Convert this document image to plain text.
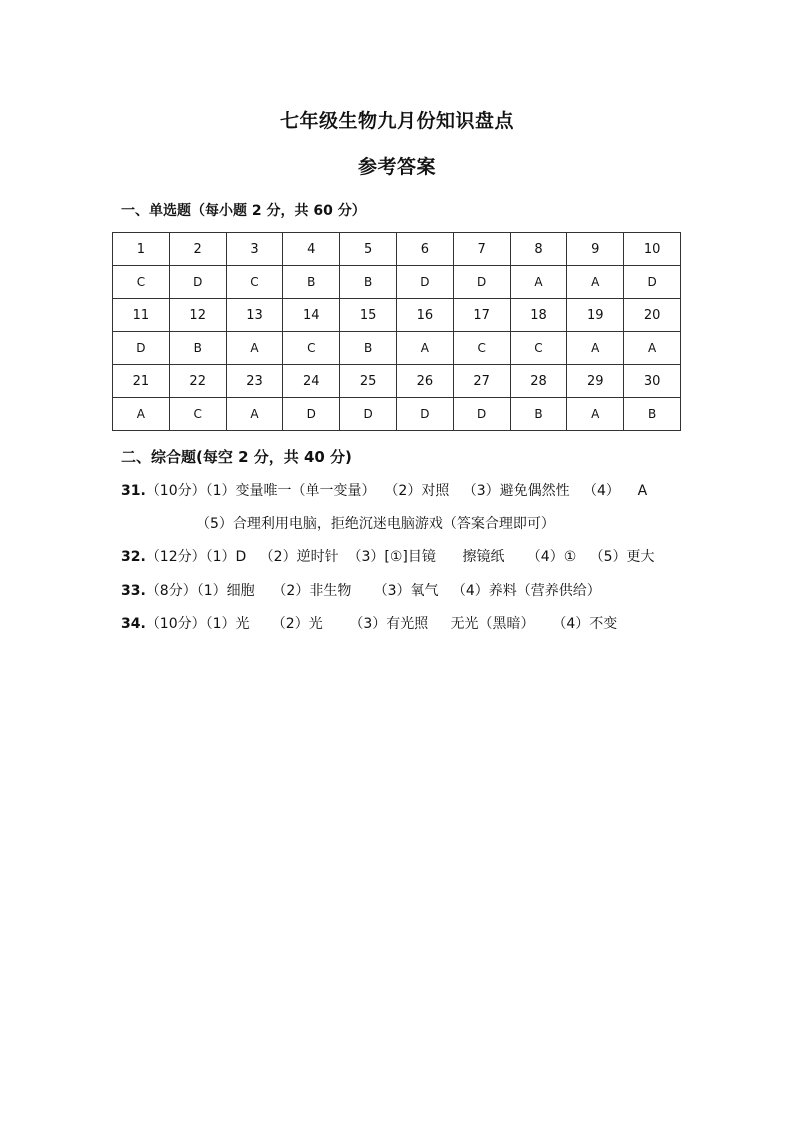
七年级生物九月份知识盘点
参考答案
一、单选题（每小题 2 分，共 60 分）
1	2	3	4	5	6	7	8	9	10
C	D	C	B	B	D	D	A	A	D
11	12	13	14	15	16	17	18	19	20
D	B	A	C	B	A	C	C	A	A
21	22	23	24	25	26	27	28	29	30
A	C	A	D	D	D	D	B	A	B
二、综合题(每空 2 分，共 40 分)
31.（10分）（1）变量唯一（单一变量）  （2）对照   （3）避免偶然性   （4）    A
（5）合理利用电脑，拒绝沉迷电脑游戏（答案合理即可）
32.（12分）（1）D   （2）逆时针  （3）[①]目镜      擦镜纸     （4）①   （5）更大
33.（8分）（1）细胞    （2）非生物     （3）氧气   （4）养料（营养供给）
34.（10分）（1）光     （2）光      （3）有光照     无光（黑暗）    （4）不变
